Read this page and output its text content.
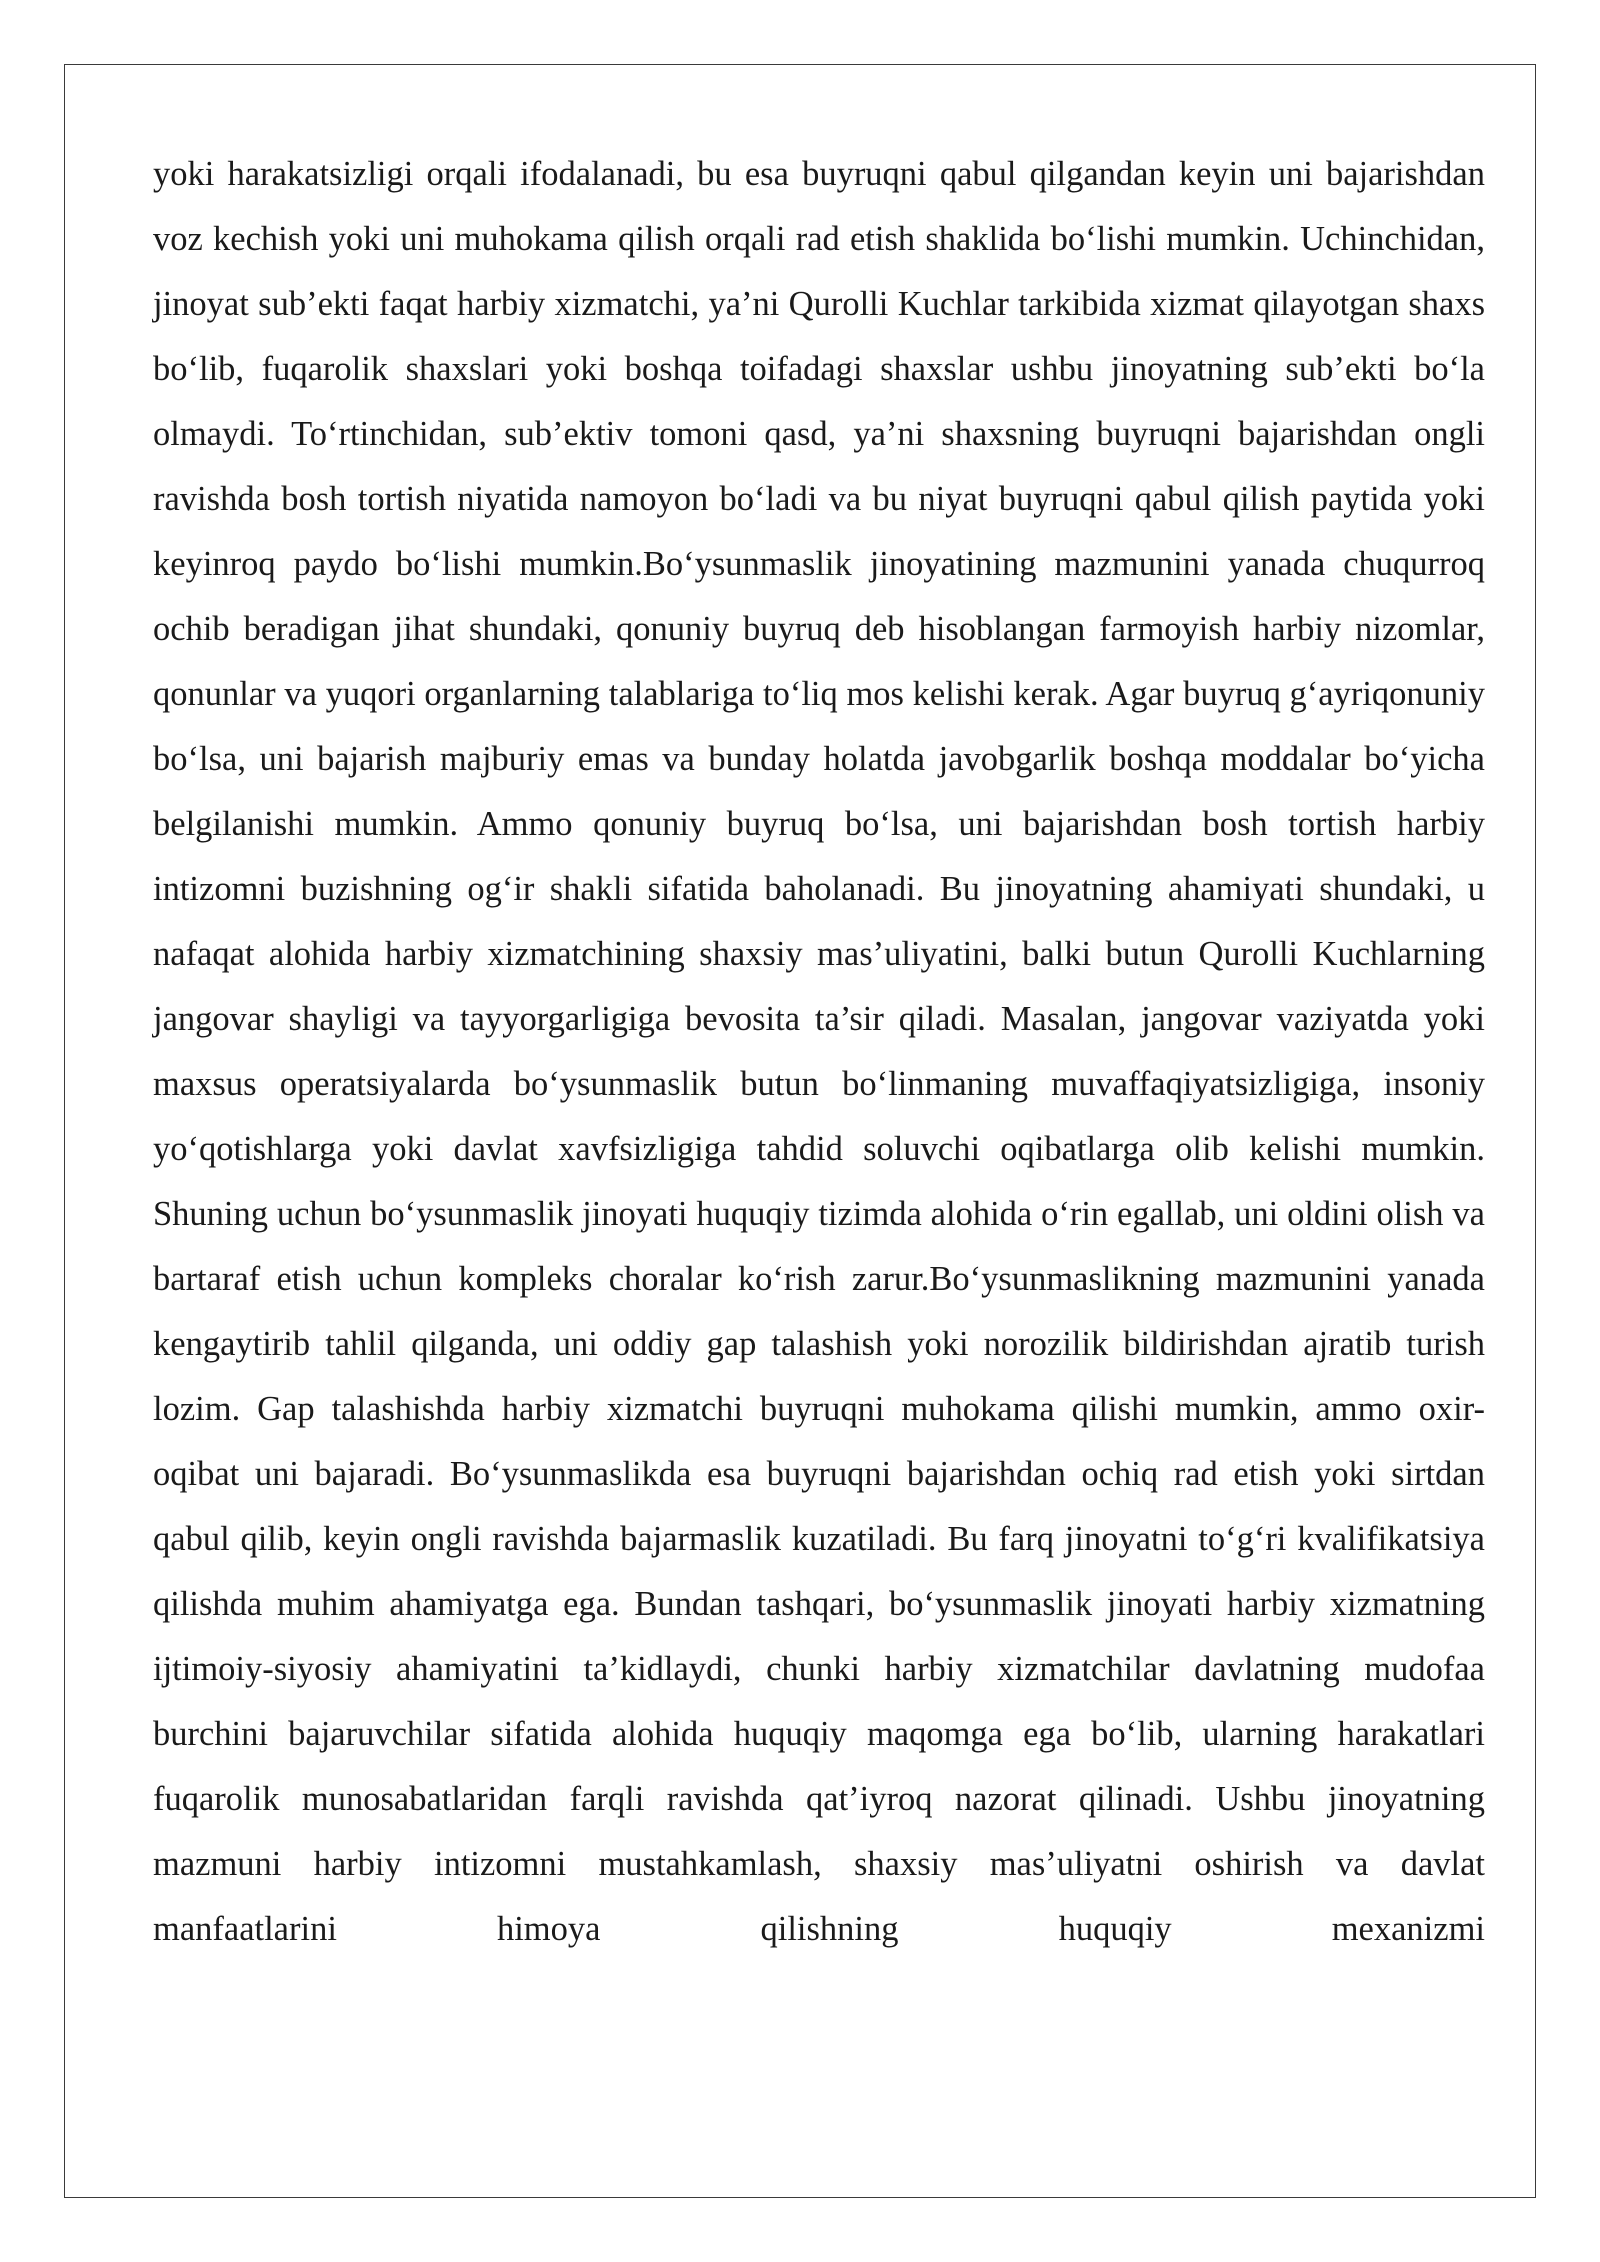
yoki harakatsizligi orqali ifodalanadi, bu esa buyruqni qabul qilgandan keyin uni bajarishdan voz kechish yoki uni muhokama qilish orqali rad etish shaklida bo‘lishi mumkin. Uchinchidan, jinoyat sub’ekti faqat harbiy xizmatchi, ya’ni Qurolli Kuchlar tarkibida xizmat qilayotgan shaxs bo‘lib, fuqarolik shaxslari yoki boshqa toifadagi shaxslar ushbu jinoyatning sub’ekti bo‘la olmaydi. To‘rtinchidan, sub’ektiv tomoni qasd, ya’ni shaxsning buyruqni bajarishdan ongli ravishda bosh tortish niyatida namoyon bo‘ladi va bu niyat buyruqni qabul qilish paytida yoki keyinroq paydo bo‘lishi mumkin.Bo‘ysunmaslik jinoyatining mazmunini yanada chuqurroq ochib beradigan jihat shundaki, qonuniy buyruq deb hisoblangan farmoyish harbiy nizomlar, qonunlar va yuqori organlarning talablariga to‘liq mos kelishi kerak. Agar buyruq g‘ayriqonuniy bo‘lsa, uni bajarish majburiy emas va bunday holatda javobgarlik boshqa moddalar bo‘yicha belgilanishi mumkin. Ammo qonuniy buyruq bo‘lsa, uni bajarishdan bosh tortish harbiy intizomni buzishning og‘ir shakli sifatida baholanadi. Bu jinoyatning ahamiyati shundaki, u nafaqat alohida harbiy xizmatchining shaxsiy mas’uliyatini, balki butun Qurolli Kuchlarning jangovar shayligi va tayyorgarligiga bevosita ta’sir qiladi. Masalan, jangovar vaziyatda yoki maxsus operatsiyalarda bo‘ysunmaslik butun bo‘linmaning muvaffaqiyatsizligiga, insoniy yo‘qotishlarga yoki davlat xavfsizligiga tahdid soluvchi oqibatlarga olib kelishi mumkin. Shuning uchun bo‘ysunmaslik jinoyati huquqiy tizimda alohida o‘rin egallab, uni oldini olish va bartaraf etish uchun kompleks choralar ko‘rish zarur.Bo‘ysunmaslikning mazmunini yanada kengaytirib tahlil qilganda, uni oddiy gap talashish yoki norozilik bildirishdan ajratib turish lozim. Gap talashishda harbiy xizmatchi buyruqni muhokama qilishi mumkin, ammo oxir-oqibat uni bajaradi. Bo‘ysunmaslikda esa buyruqni bajarishdan ochiq rad etish yoki sirtdan qabul qilib, keyin ongli ravishda bajarmaslik kuzatiladi. Bu farq jinoyatni to‘g‘ri kvalifikatsiya qilishda muhim ahamiyatga ega. Bundan tashqari, bo‘ysunmaslik jinoyati harbiy xizmatning ijtimoiy-siyosiy ahamiyatini ta’kidlaydi, chunki harbiy xizmatchilar davlatning mudofaa burchini bajaruvchilar sifatida alohida huquqiy maqomga ega bo‘lib, ularning harakatlari fuqarolik munosabatlaridan farqli ravishda qat’iyroq nazorat qilinadi. Ushbu jinoyatning mazmuni harbiy intizomni mustahkamlash, shaxsiy mas’uliyatni oshirish va davlat manfaatlarini himoya qilishning huquqiy mexanizmi
